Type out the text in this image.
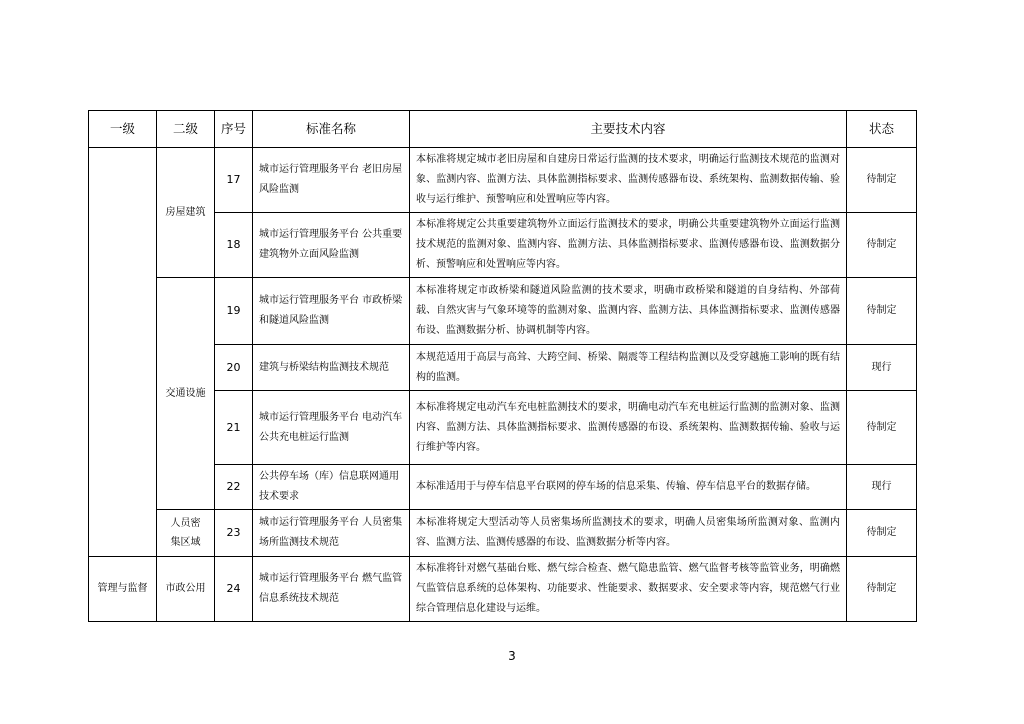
一级	二级	序号	标准名称	主要技术内容	状态
	房屋建筑	17	城市运行管理服务平台 老旧房屋风险监测	本标准将规定城市老旧房屋和自建房日常运行监测的技术要求，明确运行监测技术规范的监测对象、监测内容、监测方法、具体监测指标要求、监测传感器布设、系统架构、监测数据传输、验收与运行维护、预警响应和处置响应等内容。	待制定
		18	城市运行管理服务平台 公共重要建筑物外立面风险监测	本标准将规定公共重要建筑物外立面运行监测技术的要求，明确公共重要建筑物外立面运行监测技术规范的监测对象、监测内容、监测方法、具体监测指标要求、监测传感器布设、监测数据分析、预警响应和处置响应等内容。	待制定
	交通设施	19	城市运行管理服务平台 市政桥梁和隧道风险监测	本标准将规定市政桥梁和隧道风险监测的技术要求，明确市政桥梁和隧道的自身结构、外部荷载、自然灾害与气象环境等的监测对象、监测内容、监测方法、具体监测指标要求、监测传感器布设、监测数据分析、协调机制等内容。	待制定
		20	建筑与桥梁结构监测技术规范	本规范适用于高层与高耸、大跨空间、桥梁、隔震等工程结构监测以及受穿越施工影响的既有结构的监测。	现行
		21	城市运行管理服务平台 电动汽车公共充电桩运行监测	本标准将规定电动汽车充电桩监测技术的要求，明确电动汽车充电桩运行监测的监测对象、监测内容、监测方法、具体监测指标要求、监测传感器的布设、系统架构、监测数据传输、验收与运行维护等内容。	待制定
		22	公共停车场（库）信息联网通用技术要求	本标准适用于与停车信息平台联网的停车场的信息采集、传输、停车信息平台的数据存储。	现行
	人员密集区域	23	城市运行管理服务平台 人员密集场所监测技术规范	本标准将规定大型活动等人员密集场所监测技术的要求，明确人员密集场所监测对象、监测内容、监测方法、监测传感器的布设、监测数据分析等内容。	待制定
管理与监督	市政公用	24	城市运行管理服务平台 燃气监管信息系统技术规范	本标准将针对燃气基础台账、燃气综合检查、燃气隐患监管、燃气监督考核等监管业务，明确燃气监管信息系统的总体架构、功能要求、性能要求、数据要求、安全要求等内容，规范燃气行业综合管理信息化建设与运维。	待制定
3
